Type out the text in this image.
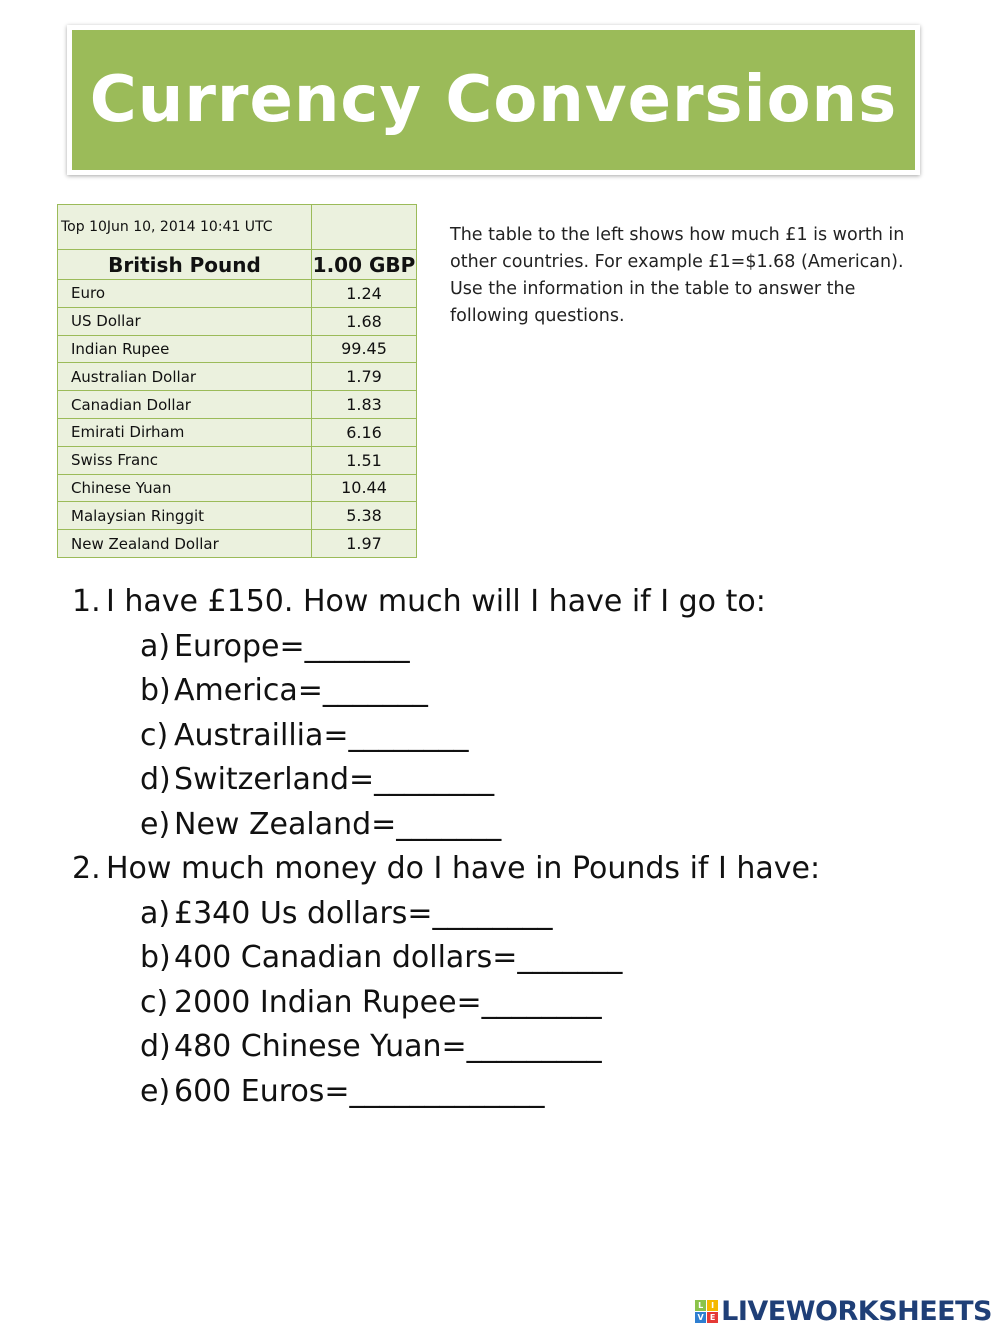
Currency Conversions
Top 10Jun 10, 2014 10:41 UTC	
British Pound	1.00 GBP
Euro	1.24
US Dollar	1.68
Indian Rupee	99.45
Australian Dollar	1.79
Canadian Dollar	1.83
Emirati Dirham	6.16
Swiss Franc	1.51
Chinese Yuan	10.44
Malaysian Ringgit	5.38
New Zealand Dollar	1.97
The table to the left shows how much £1 is worth in other countries. For example £1=$1.68 (American). Use the information in the table to answer the following questions.
1. I have £150. How much will I have if I go to:
a) Europe=_______
b) America=_______
c) Austraillia=________
d) Switzerland=________
e) New Zealand=_______
2. How much money do I have in Pounds if I have:
a) £340 Us dollars=________
b) 400 Canadian dollars=_______
c) 2000 Indian Rupee=________
d) 480 Chinese Yuan=_________
e) 600 Euros=_____________
L I
V E LIVEWORKSHEETS
